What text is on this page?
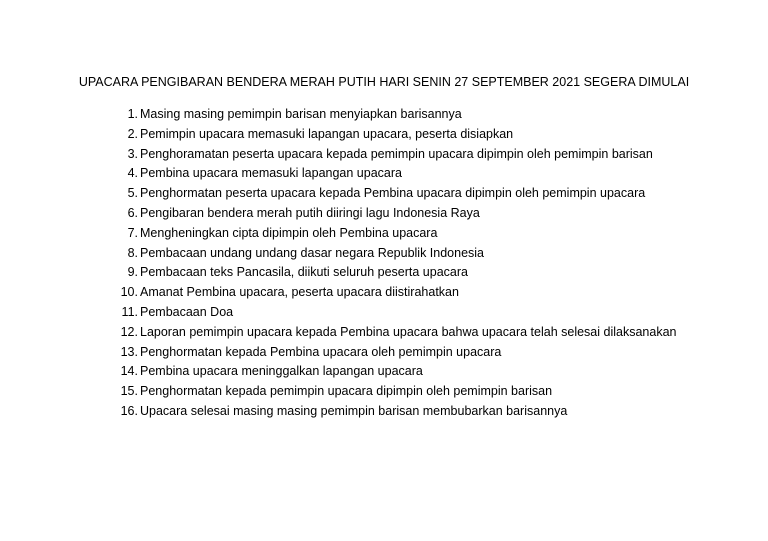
UPACARA PENGIBARAN BENDERA MERAH PUTIH HARI SENIN 27 SEPTEMBER 2021 SEGERA DIMULAI
1. Masing masing pemimpin barisan menyiapkan barisannya
2. Pemimpin upacara memasuki lapangan upacara, peserta disiapkan
3. Penghoramatan peserta upacara kepada pemimpin upacara dipimpin oleh pemimpin barisan
4. Pembina upacara memasuki lapangan upacara
5. Penghormatan peserta upacara kepada Pembina upacara dipimpin oleh pemimpin upacara
6. Pengibaran bendera merah putih diiringi lagu Indonesia Raya
7. Mengheningkan cipta dipimpin oleh Pembina upacara
8. Pembacaan undang undang dasar negara Republik Indonesia
9. Pembacaan teks Pancasila, diikuti seluruh peserta upacara
10. Amanat Pembina upacara, peserta upacara diistirahatkan
11. Pembacaan Doa
12. Laporan pemimpin upacara kepada Pembina upacara bahwa upacara telah selesai dilaksanakan
13. Penghormatan kepada Pembina upacara oleh pemimpin upacara
14. Pembina upacara meninggalkan lapangan upacara
15. Penghormatan kepada pemimpin upacara dipimpin oleh pemimpin barisan
16. Upacara selesai masing masing pemimpin barisan membubarkan barisannya
